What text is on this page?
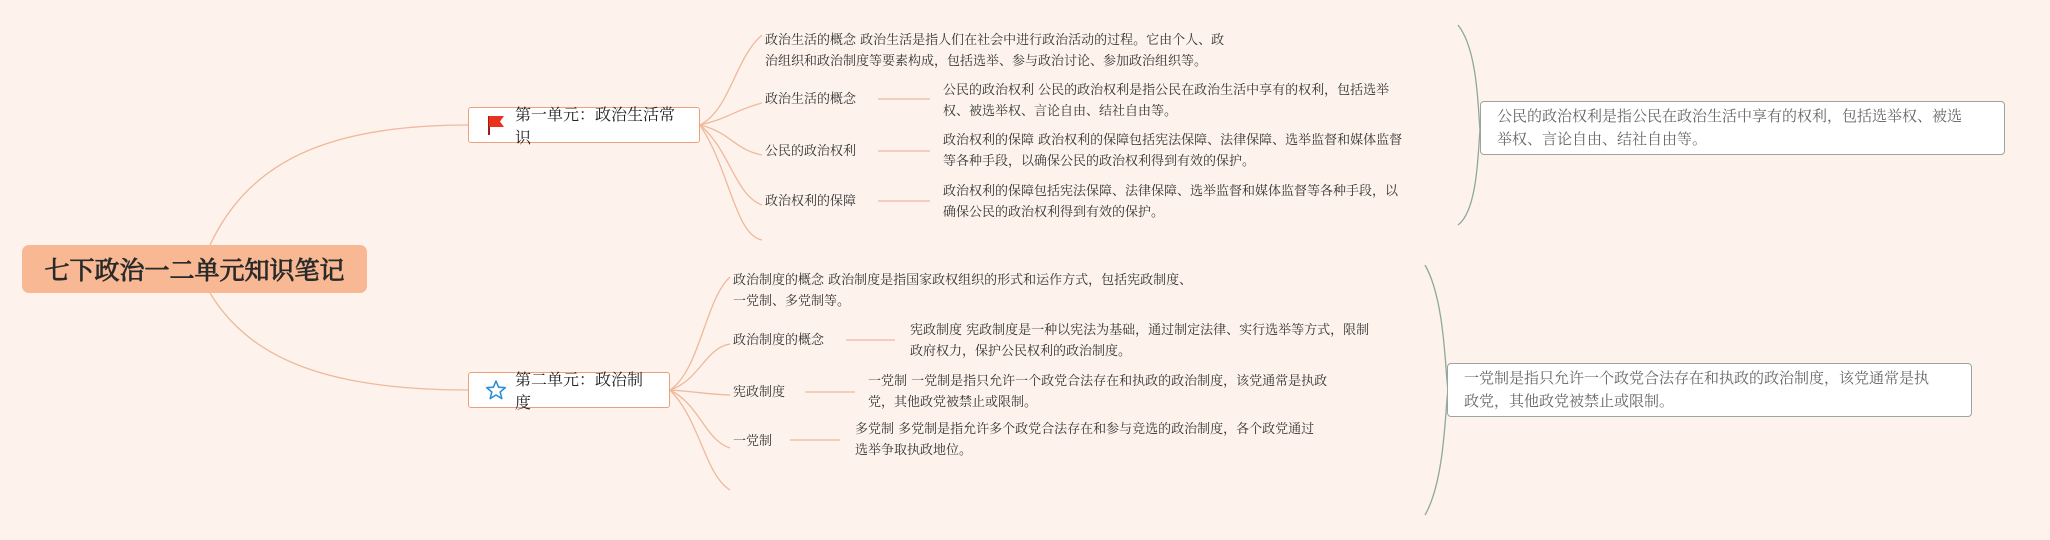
七下政治一二单元知识笔记
第一单元：政治生活常识
政治生活的概念 政治生活是指人们在社会中进行政治活动的过程。它由个人、政
治组织和政治制度等要素构成，包括选举、参与政治讨论、参加政治组织等。
政治生活的概念
公民的政治权利 公民的政治权利是指公民在政治生活中享有的权利，包括选举
权、被选举权、言论自由、结社自由等。
公民的政治权利
政治权利的保障 政治权利的保障包括宪法保障、法律保障、选举监督和媒体监督
等各种手段，以确保公民的政治权利得到有效的保护。
政治权利的保障
政治权利的保障包括宪法保障、法律保障、选举监督和媒体监督等各种手段，以
确保公民的政治权利得到有效的保护。
公民的政治权利是指公民在政治生活中享有的权利，包括选举权、被选
举权、言论自由、结社自由等。
第二单元：政治制度
政治制度的概念 政治制度是指国家政权组织的形式和运作方式，包括宪政制度、
一党制、多党制等。
政治制度的概念
宪政制度 宪政制度是一种以宪法为基础，通过制定法律、实行选举等方式，限制
政府权力，保护公民权利的政治制度。
宪政制度
一党制 一党制是指只允许一个政党合法存在和执政的政治制度，该党通常是执政
党，其他政党被禁止或限制。
一党制
多党制 多党制是指允许多个政党合法存在和参与竞选的政治制度，各个政党通过
选举争取执政地位。
一党制是指只允许一个政党合法存在和执政的政治制度，该党通常是执
政党，其他政党被禁止或限制。
